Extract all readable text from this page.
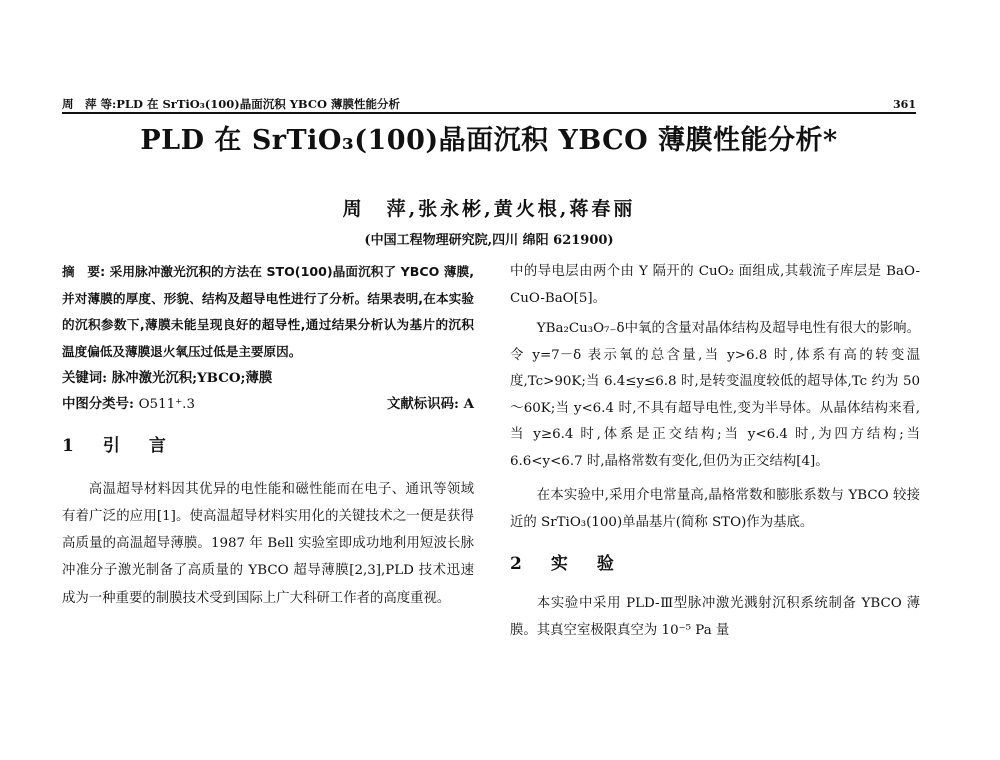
周　萍 等:PLD 在 SrTiO₃(100)晶面沉积 YBCO 薄膜性能分析	361
PLD 在 SrTiO₃(100)晶面沉积 YBCO 薄膜性能分析*
周　萍,张永彬,黄火根,蒋春丽
(中国工程物理研究院,四川 绵阳 621900)

摘　要: 采用脉冲激光沉积的方法在 STO(100)晶面沉积了 YBCO 薄膜,并对薄膜的厚度、形貌、结构及超导电性进行了分析。结果表明,在本实验的沉积参数下,薄膜未能呈现良好的超导性,通过结果分析认为基片的沉积温度偏低及薄膜退火氧压过低是主要原因。

关键词: 脉冲激光沉积;YBCO;薄膜

中图分类号: O511⁺.3	文献标识码: A
1　引　言

高温超导材料因其优异的电性能和磁性能而在电子、通讯等领域有着广泛的应用[1]。使高温超导材料实用化的关键技术之一便是获得高质量的高温超导薄膜。1987 年 Bell 实验室即成功地利用短波长脉冲准分子激光制备了高质量的 YBCO 超导薄膜[2,3],PLD 技术迅速成为一种重要的制膜技术受到国际上广大科研工作者的高度重视。

中的导电层由两个由 Y 隔开的 CuO₂ 面组成,其载流子库层是 BaO-CuO-BaO[5]。

YBa₂Cu₃O₇₋δ中氧的含量对晶体结构及超导电性有很大的影响。令 y=7－δ 表示氧的总含量,当 y>6.8 时,体系有高的转变温度,Tc>90K;当 6.4≤y≤6.8 时,是转变温度较低的超导体,Tc 约为 50～60K;当 y<6.4 时,不具有超导电性,变为半导体。从晶体结构来看,当 y≥6.4 时,体系是正交结构;当 y<6.4 时,为四方结构;当 6.6<y<6.7 时,晶格常数有变化,但仍为正交结构[4]。

在本实验中,采用介电常量高,晶格常数和膨胀系数与 YBCO 较接近的 SrTiO₃(100)单晶基片(简称 STO)作为基底。

2　实　验

本实验中采用 PLD-Ⅲ型脉冲激光溅射沉积系统制备 YBCO 薄膜。其真空室极限真空为 10⁻⁵ Pa 量
